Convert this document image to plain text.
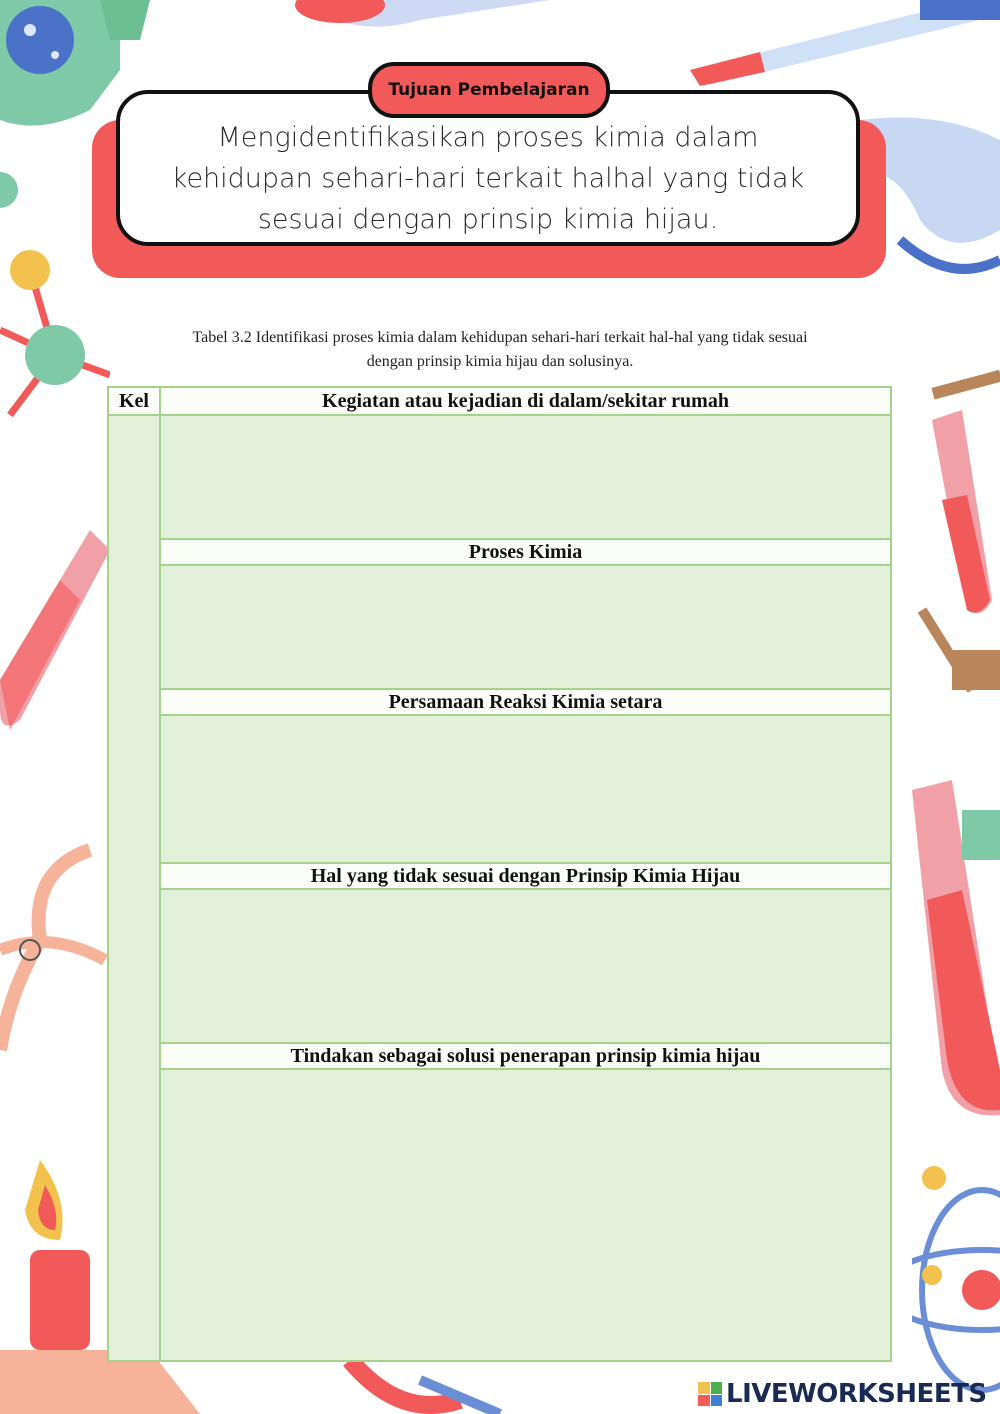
Mengidentifikasikan proses kimia dalam kehidupan sehari-hari terkait halhal yang tidak sesuai dengan prinsip kimia hijau.
Tujuan Pembelajaran
Tabel 3.2 Identifikasi proses kimia dalam kehidupan sehari-hari terkait hal-hal yang tidak sesuai
dengan prinsip kimia hijau dan solusinya.
Kel	Kegiatan atau kejadian di dalam/sekitar rumah
Proses Kimia
Persamaan Reaksi Kimia setara
Hal yang tidak sesuai dengan Prinsip Kimia Hijau
Tindakan sebagai solusi penerapan prinsip kimia hijau
LIVEWORKSHEETS
